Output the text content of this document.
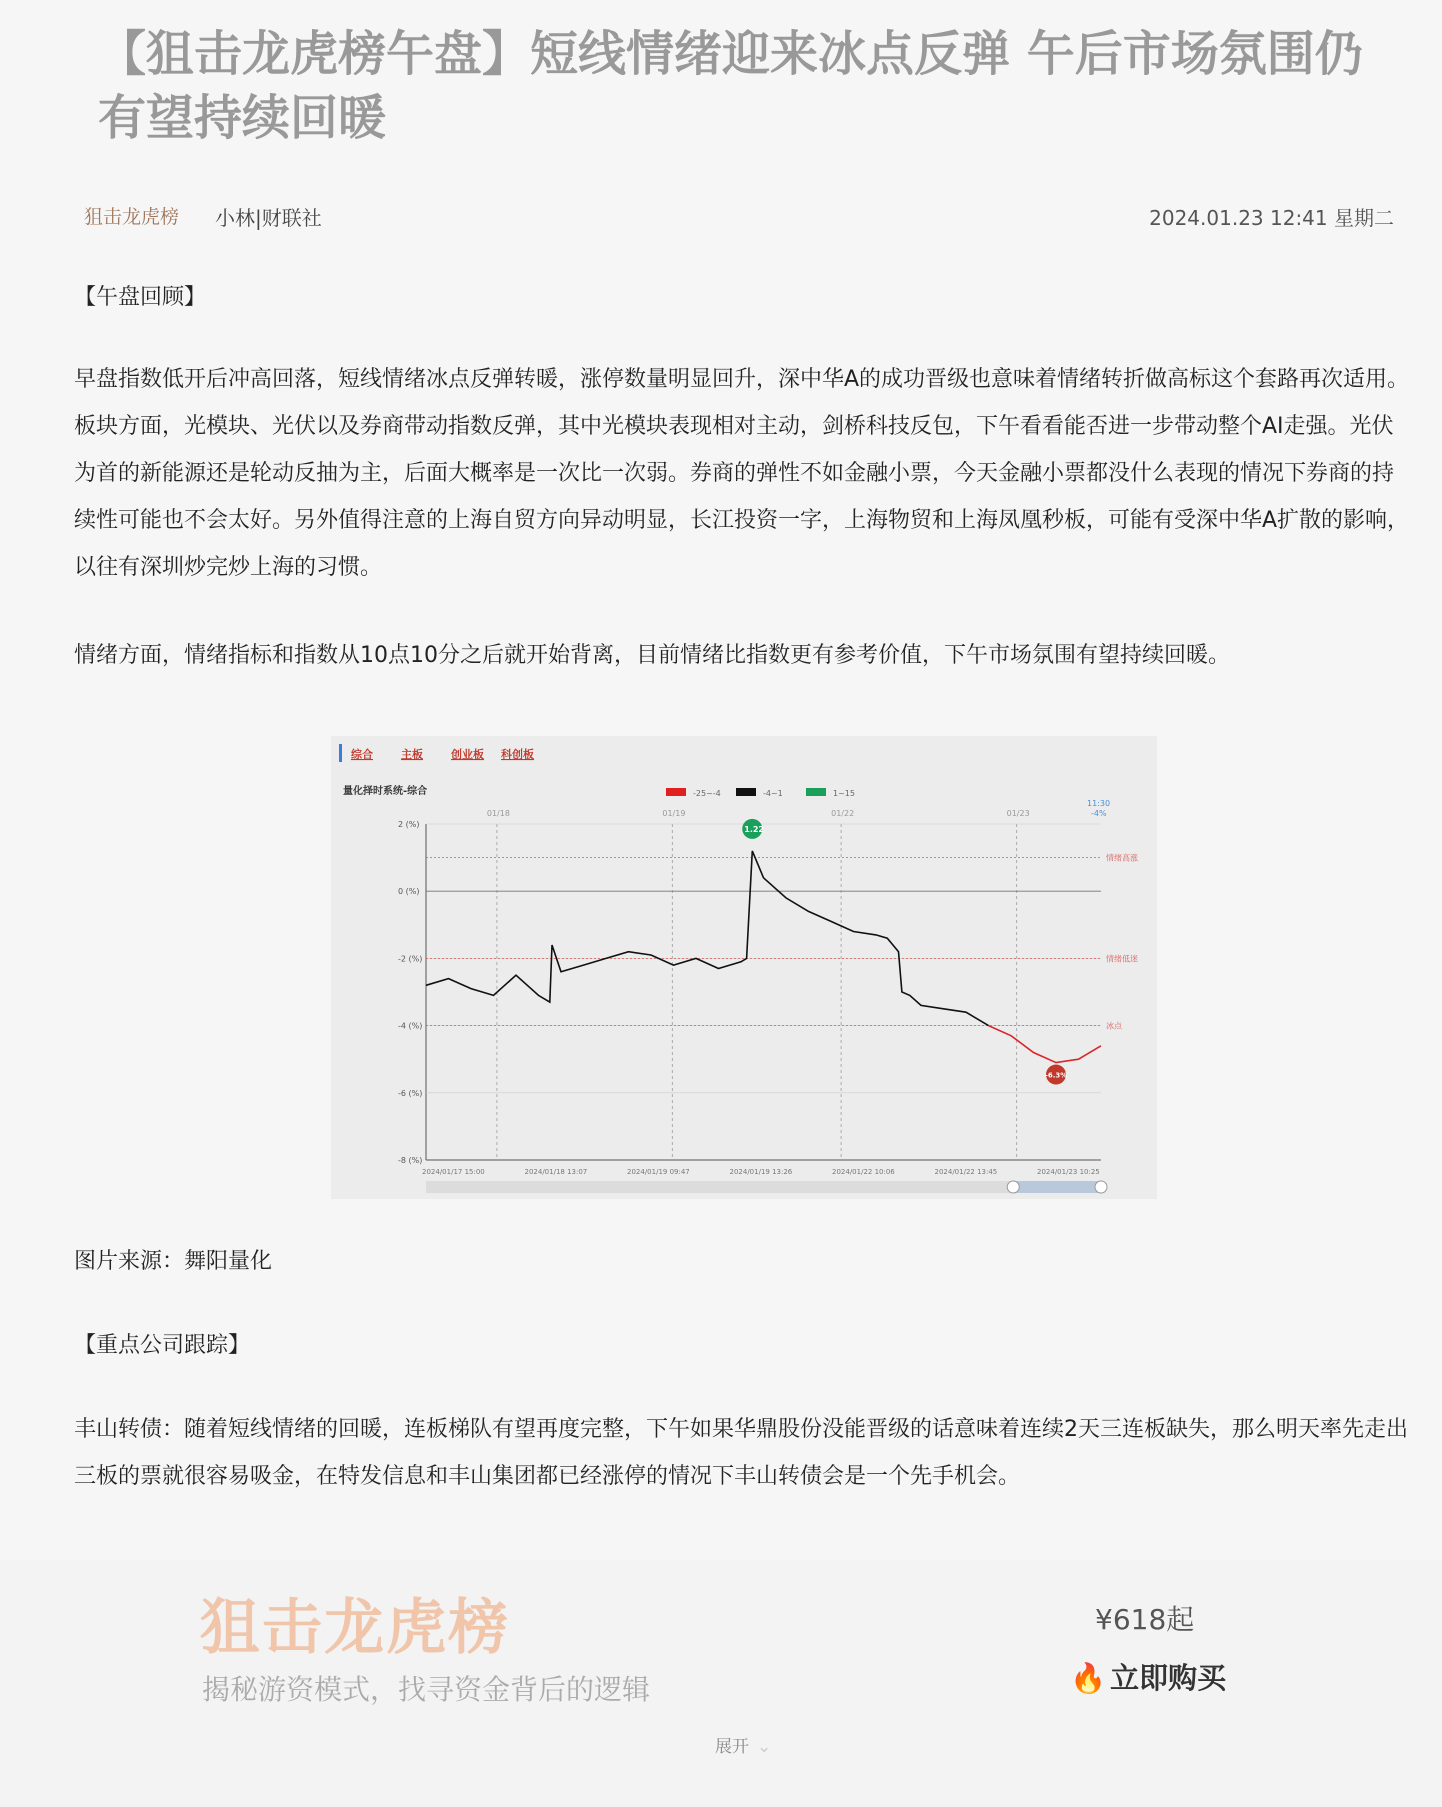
【狙击龙虎榜午盘】短线情绪迎来冰点反弹 午后市场氛围仍有望持续回暖
狙击龙虎榜 小林|财联社	2024.01.23 12:41 星期二

【午盘回顾】

早盘指数低开后冲高回落，短线情绪冰点反弹转暖，涨停数量明显回升，深中华A的成功晋级也意味着情绪转折做高标这个套路再次适用。板块方面，光模块、光伏以及券商带动指数反弹，其中光模块表现相对主动，剑桥科技反包，下午看看能否进一步带动整个AI走强。光伏为首的新能源还是轮动反抽为主，后面大概率是一次比一次弱。券商的弹性不如金融小票，今天金融小票都没什么表现的情况下券商的持续性可能也不会太好。另外值得注意的上海自贸方向异动明显，长江投资一字，上海物贸和上海凤凰秒板，可能有受深中华A扩散的影响，以往有深圳炒完炒上海的习惯。

情绪方面，情绪指标和指数从10点10分之后就开始背离，目前情绪比指数更有参考价值，下午市场氛围有望持续回暖。

综合	主板	创业板 科创板
量化择时系统-综合	-25~-4	-4~1	1~15
01/18	01/19	01/22	01/23
11:30
-4%
2 (%)
0 (%)
-2 (%)
-4 (%)
-6 (%)
-8 (%)
情绪高涨
情绪低迷
冰点
2024/01/17 15:00	2024/01/18 13:07	2024/01/19 09:47	2024/01/19 13:26	2024/01/22 10:06	2024/01/22 13:45	2024/01/23 10:25
1.22
-6.3%

图片来源：舞阳量化

【重点公司跟踪】

丰山转债：随着短线情绪的回暖，连板梯队有望再度完整，下午如果华鼎股份没能晋级的话意味着连续2天三连板缺失，那么明天率先走出三板的票就很容易吸金，在特发信息和丰山集团都已经涨停的情况下丰山转债会是一个先手机会。

狙击龙虎榜
揭秘游资模式，找寻资金背后的逻辑
¥618起
🔥 立即购买
展开 ⌄
